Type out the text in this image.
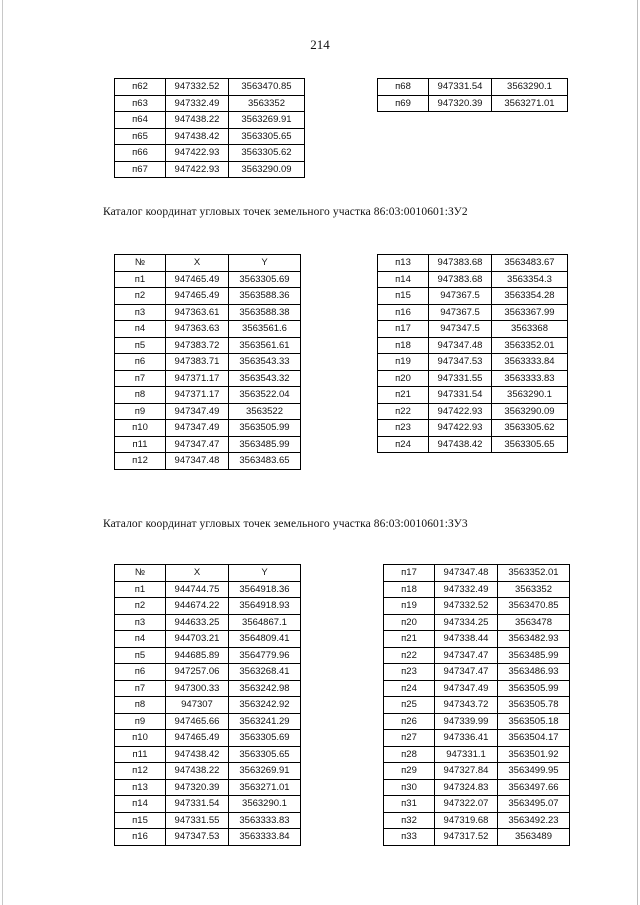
214
п62	947332.52	3563470.85
п63	947332.49	3563352
п64	947438.22	3563269.91
п65	947438.42	3563305.65
п66	947422.93	3563305.62
п67	947422.93	3563290.09
п68	947331.54	3563290.1
п69	947320.39	3563271.01
Каталог координат угловых точек земельного участка 86:03:0010601:ЗУ2
№	X	Y
п1	947465.49	3563305.69
п2	947465.49	3563588.36
п3	947363.61	3563588.38
п4	947363.63	3563561.6
п5	947383.72	3563561.61
п6	947383.71	3563543.33
п7	947371.17	3563543.32
п8	947371.17	3563522.04
п9	947347.49	3563522
п10	947347.49	3563505.99
п11	947347.47	3563485.99
п12	947347.48	3563483.65
п13	947383.68	3563483.67
п14	947383.68	3563354.3
п15	947367.5	3563354.28
п16	947367.5	3563367.99
п17	947347.5	3563368
п18	947347.48	3563352.01
п19	947347.53	3563333.84
п20	947331.55	3563333.83
п21	947331.54	3563290.1
п22	947422.93	3563290.09
п23	947422.93	3563305.62
п24	947438.42	3563305.65
Каталог координат угловых точек земельного участка 86:03:0010601:ЗУ3
№	X	Y
п1	944744.75	3564918.36
п2	944674.22	3564918.93
п3	944633.25	3564867.1
п4	944703.21	3564809.41
п5	944685.89	3564779.96
п6	947257.06	3563268.41
п7	947300.33	3563242.98
п8	947307	3563242.92
п9	947465.66	3563241.29
п10	947465.49	3563305.69
п11	947438.42	3563305.65
п12	947438.22	3563269.91
п13	947320.39	3563271.01
п14	947331.54	3563290.1
п15	947331.55	3563333.83
п16	947347.53	3563333.84
п17	947347.48	3563352.01
п18	947332.49	3563352
п19	947332.52	3563470.85
п20	947334.25	3563478
п21	947338.44	3563482.93
п22	947347.47	3563485.99
п23	947347.47	3563486.93
п24	947347.49	3563505.99
п25	947343.72	3563505.78
п26	947339.99	3563505.18
п27	947336.41	3563504.17
п28	947331.1	3563501.92
п29	947327.84	3563499.95
п30	947324.83	3563497.66
п31	947322.07	3563495.07
п32	947319.68	3563492.23
п33	947317.52	3563489
